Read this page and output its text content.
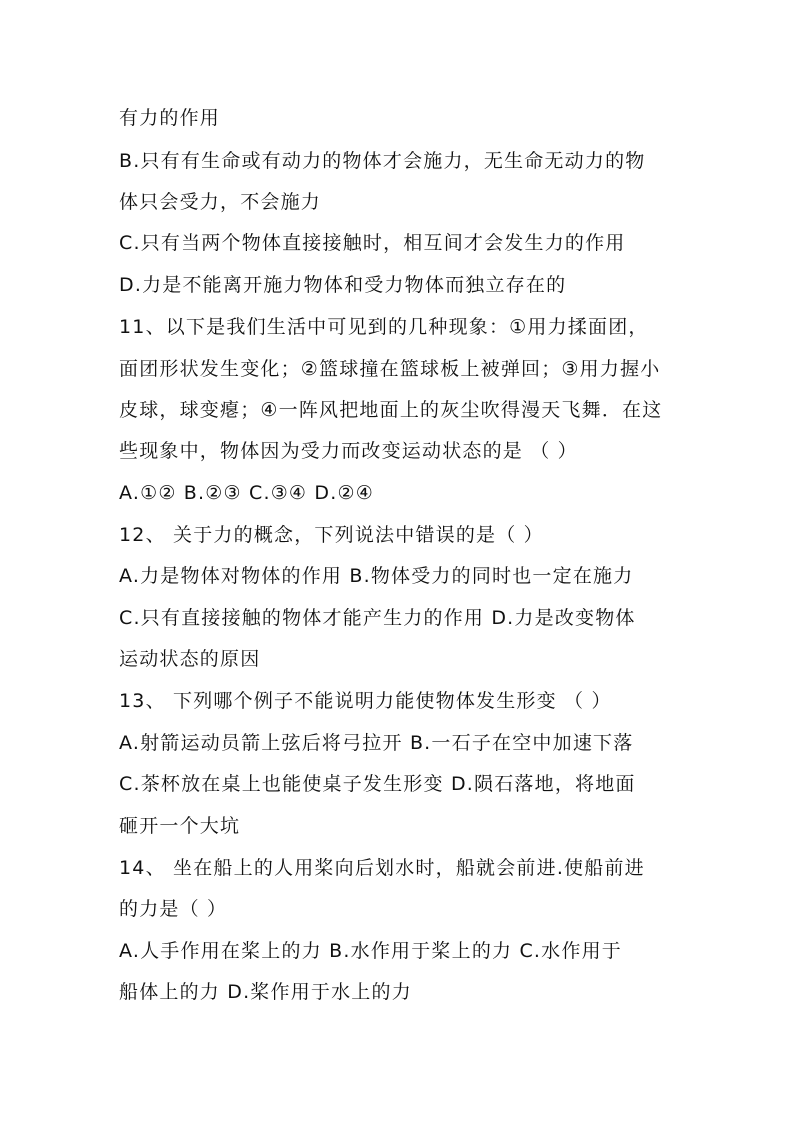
有力的作用
B.只有有生命或有动力的物体才会施力，无生命无动力的物
体只会受力，不会施力
C.只有当两个物体直接接触时，相互间才会发生力的作用
D.力是不能离开施力物体和受力物体而独立存在的
11、以下是我们生活中可见到的几种现象：①用力揉面团，
面团形状发生变化；②篮球撞在篮球板上被弹回；③用力握小
皮球，球变瘪；④一阵风把地面上的灰尘吹得漫天飞舞．在这
些现象中，物体因为受力而改变运动状态的是 （ ）
A.①② B.②③ C.③④ D.②④
12、 关于力的概念，下列说法中错误的是（ ）
A.力是物体对物体的作用 B.物体受力的同时也一定在施力
C.只有直接接触的物体才能产生力的作用 D.力是改变物体
运动状态的原因
13、 下列哪个例子不能说明力能使物体发生形变 （ ）
A.射箭运动员箭上弦后将弓拉开 B.一石子在空中加速下落
C.茶杯放在桌上也能使桌子发生形变 D.陨石落地，将地面
砸开一个大坑
14、 坐在船上的人用桨向后划水时，船就会前进.使船前进
的力是（ ）
A.人手作用在桨上的力 B.水作用于桨上的力 C.水作用于
船体上的力 D.桨作用于水上的力
